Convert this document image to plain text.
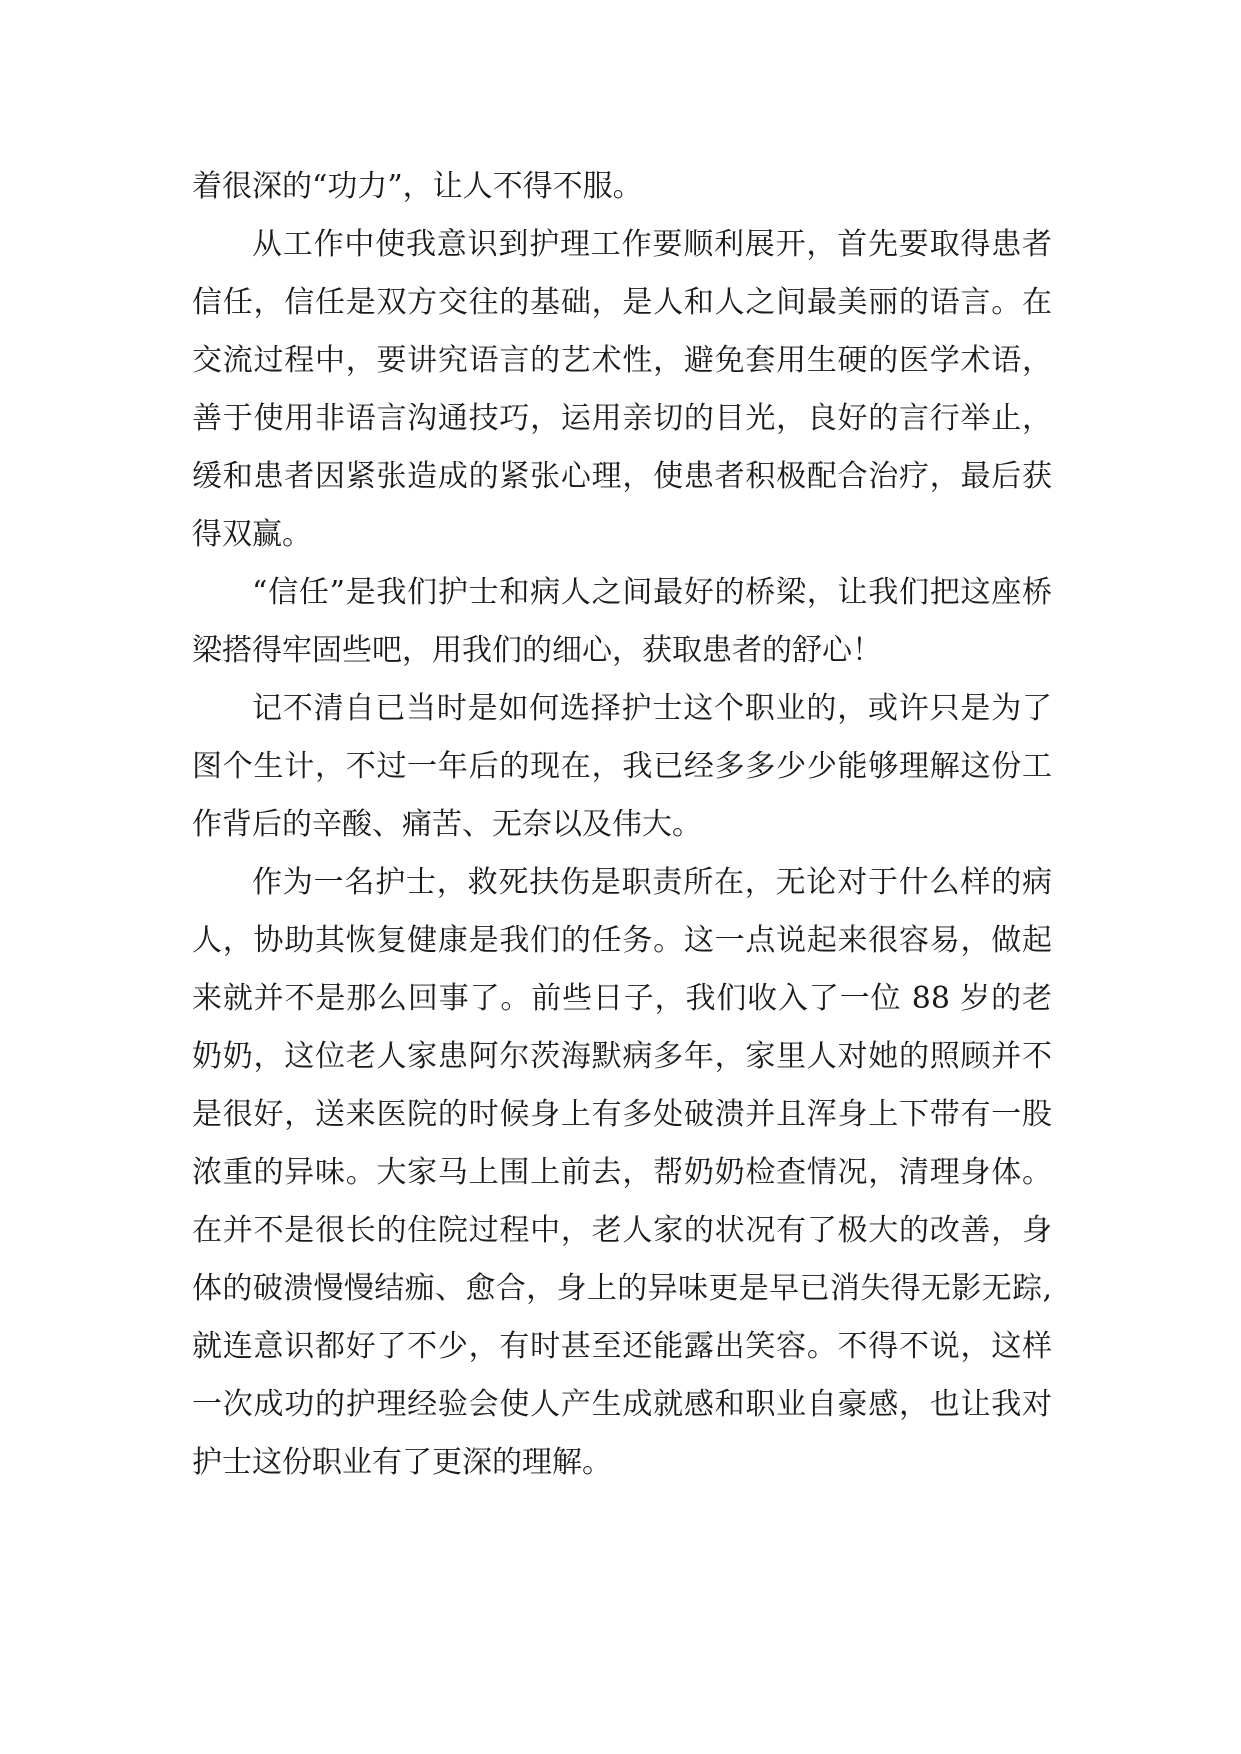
着很深的“功力”，让人不得不服。

从工作中使我意识到护理工作要顺利展开，首先要取得患者信任，信任是双方交往的基础，是人和人之间最美丽的语言。在交流过程中，要讲究语言的艺术性，避免套用生硬的医学术语，善于使用非语言沟通技巧，运用亲切的目光，良好的言行举止，缓和患者因紧张造成的紧张心理，使患者积极配合治疗，最后获得双赢。

“信任”是我们护士和病人之间最好的桥梁，让我们把这座桥梁搭得牢固些吧，用我们的细心，获取患者的舒心！

记不清自已当时是如何选择护士这个职业的，或许只是为了图个生计，不过一年后的现在，我已经多多少少能够理解这份工作背后的辛酸、痛苦、无奈以及伟大。

作为一名护士，救死扶伤是职责所在，无论对于什么样的病人，协助其恢复健康是我们的任务。这一点说起来很容易，做起来就并不是那么回事了。前些日子，我们收入了一位 88 岁的老奶奶，这位老人家患阿尔茨海默病多年，家里人对她的照顾并不是很好，送来医院的时候身上有多处破溃并且浑身上下带有一股浓重的异味。大家马上围上前去，帮奶奶检查情况，清理身体。在并不是很长的住院过程中，老人家的状况有了极大的改善，身体的破溃慢慢结痂、愈合，身上的异味更是早已消失得无影无踪,就连意识都好了不少，有时甚至还能露出笑容。不得不说，这样一次成功的护理经验会使人产生成就感和职业自豪感，也让我对护士这份职业有了更深的理解。
